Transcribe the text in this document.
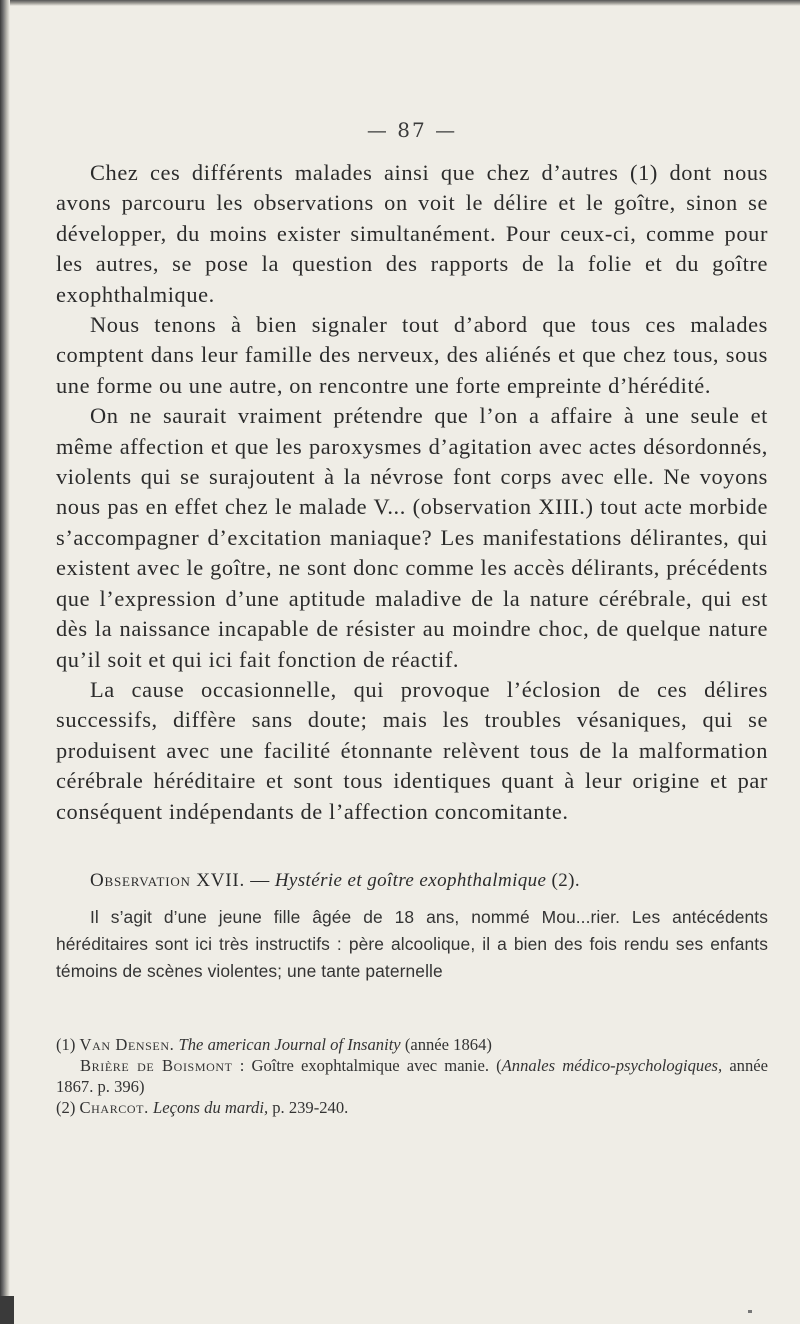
— 87 —

Chez ces différents malades ainsi que chez d’autres (1) dont nous avons parcouru les observations on voit le délire et le goître, sinon se développer, du moins exister simultanément. Pour ceux-ci, comme pour les autres, se pose la question des rapports de la folie et du goître exophthalmique.

Nous tenons à bien signaler tout d’abord que tous ces malades comptent dans leur famille des nerveux, des aliénés et que chez tous, sous une forme ou une autre, on rencontre une forte empreinte d’hérédité.

On ne saurait vraiment prétendre que l’on a affaire à une seule et même affection et que les paroxysmes d’agitation avec actes désordonnés, violents qui se surajoutent à la névrose font corps avec elle. Ne voyons nous pas en effet chez le malade V... (observation XIII.) tout acte morbide s’accompagner d’excitation maniaque? Les manifestations délirantes, qui existent avec le goître, ne sont donc comme les accès délirants, précédents que l’expression d’une aptitude maladive de la nature cérébrale, qui est dès la naissance incapable de résister au moindre choc, de quelque nature qu’il soit et qui ici fait fonction de réactif.

La cause occasionnelle, qui provoque l’éclosion de ces délires successifs, diffère sans doute; mais les troubles vésaniques, qui se produisent avec une facilité étonnante relèvent tous de la malformation cérébrale héréditaire et sont tous identiques quant à leur origine et par conséquent indépendants de l’affection concomitante.

Observation XVII. — Hystérie et goître exophthalmique (2).

Il s’agit d’une jeune fille âgée de 18 ans, nommé Mou...rier. Les antécédents héréditaires sont ici très instructifs : père alcoolique, il a bien des fois rendu ses enfants témoins de scènes violentes; une tante paternelle

(1) Van Densen. The american Journal of Insanity (année 1864)

Brière de Boismont : Goître exophtalmique avec manie. (Annales médico-psychologiques, année 1867. p. 396)

(2) Charcot. Leçons du mardi, p. 239-240.
